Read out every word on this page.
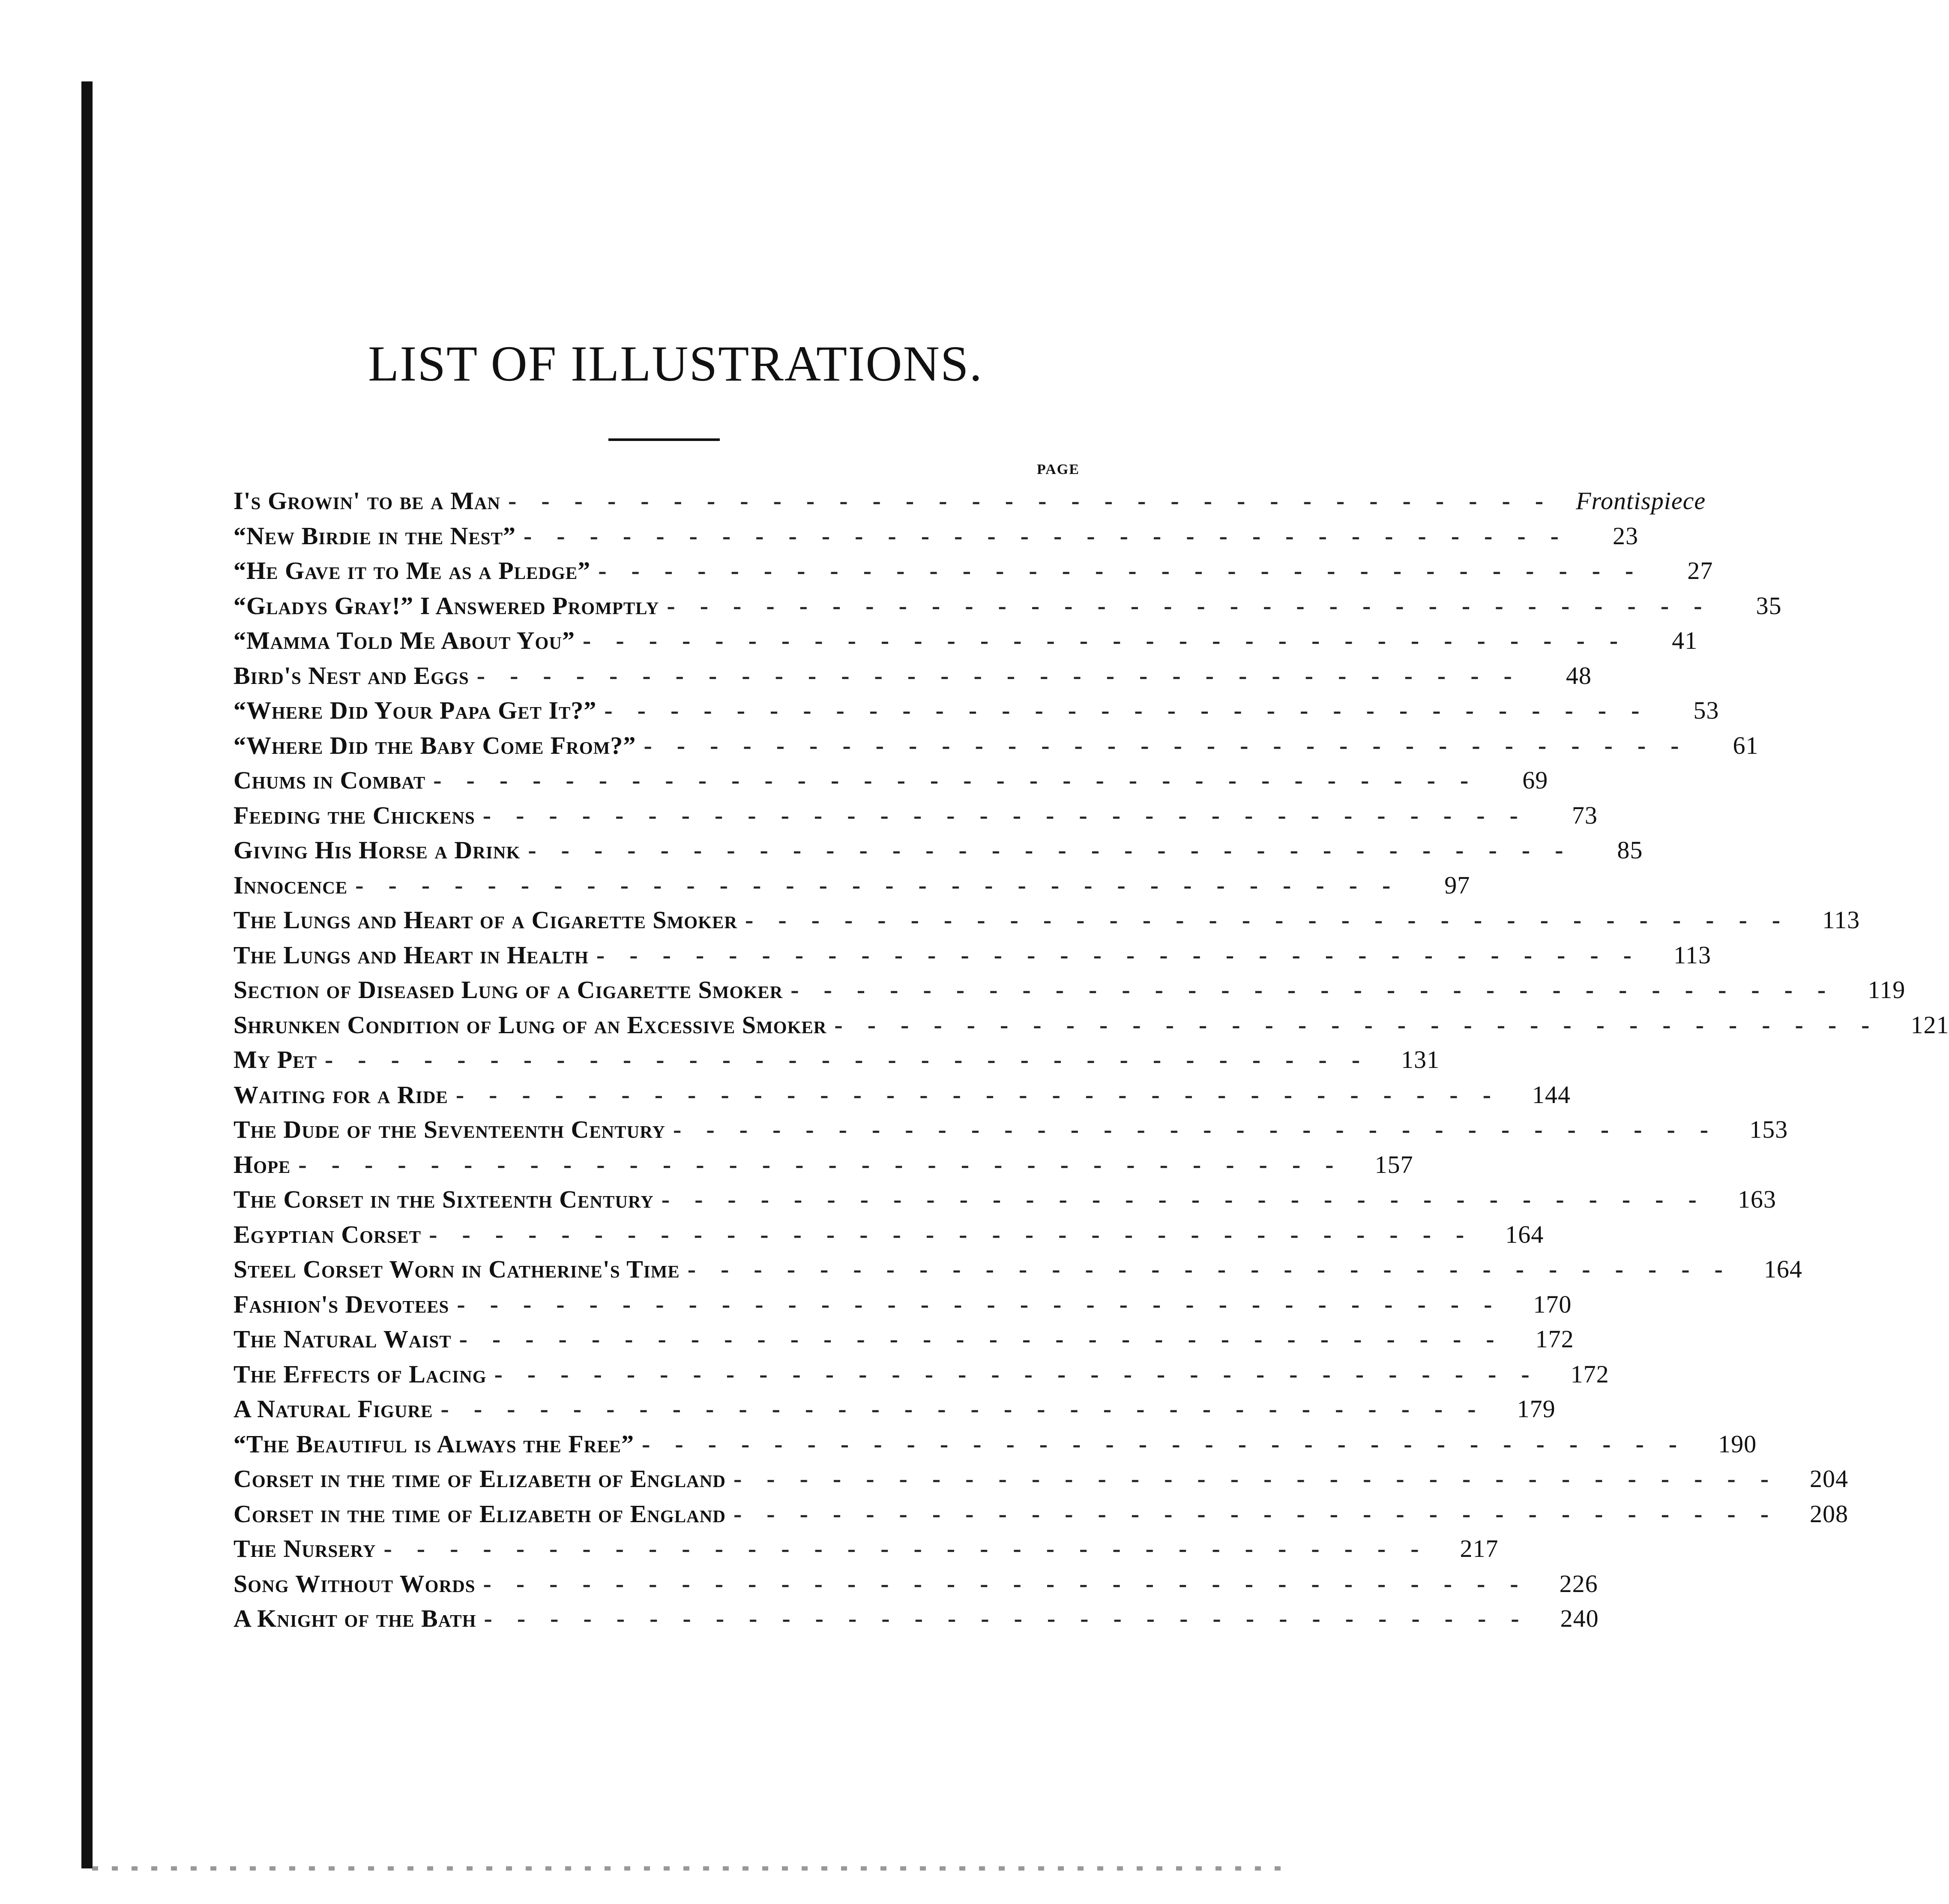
LIST OF ILLUSTRATIONS.
PAGE
I's Growin' to be a Man -------------------------------- Frontispiece
“New Birdie in the Nest” --------------------------------	23
“He Gave it to Me as a Pledge” --------------------------------	27
“Gladys Gray!” I Answered Promptly --------------------------------	35
“Mamma Told Me About You” --------------------------------	41
Bird's Nest and Eggs --------------------------------	48
“Where Did Your Papa Get It?” --------------------------------	53
“Where Did the Baby Come From?” --------------------------------	61
Chums in Combat --------------------------------	69
Feeding the Chickens --------------------------------	73
Giving His Horse a Drink --------------------------------	85
Innocence --------------------------------	97
The Lungs and Heart of a Cigarette Smoker -------------------------------- 113
The Lungs and Heart in Health -------------------------------- 113
Section of Diseased Lung of a Cigarette Smoker -------------------------------- 119
Shrunken Condition of Lung of an Excessive Smoker -------------------------------- 121
My Pet -------------------------------- 131
Waiting for a Ride -------------------------------- 144
The Dude of the Seventeenth Century -------------------------------- 153
Hope -------------------------------- 157
The Corset in the Sixteenth Century -------------------------------- 163
Egyptian Corset -------------------------------- 164
Steel Corset Worn in Catherine's Time -------------------------------- 164
Fashion's Devotees -------------------------------- 170
The Natural Waist -------------------------------- 172
The Effects of Lacing -------------------------------- 172
A Natural Figure -------------------------------- 179
“The Beautiful is Always the Free” -------------------------------- 190
Corset in the time of Elizabeth of England -------------------------------- 204
Corset in the time of Elizabeth of England -------------------------------- 208
The Nursery -------------------------------- 217
Song Without Words -------------------------------- 226
A Knight of the Bath -------------------------------- 240
